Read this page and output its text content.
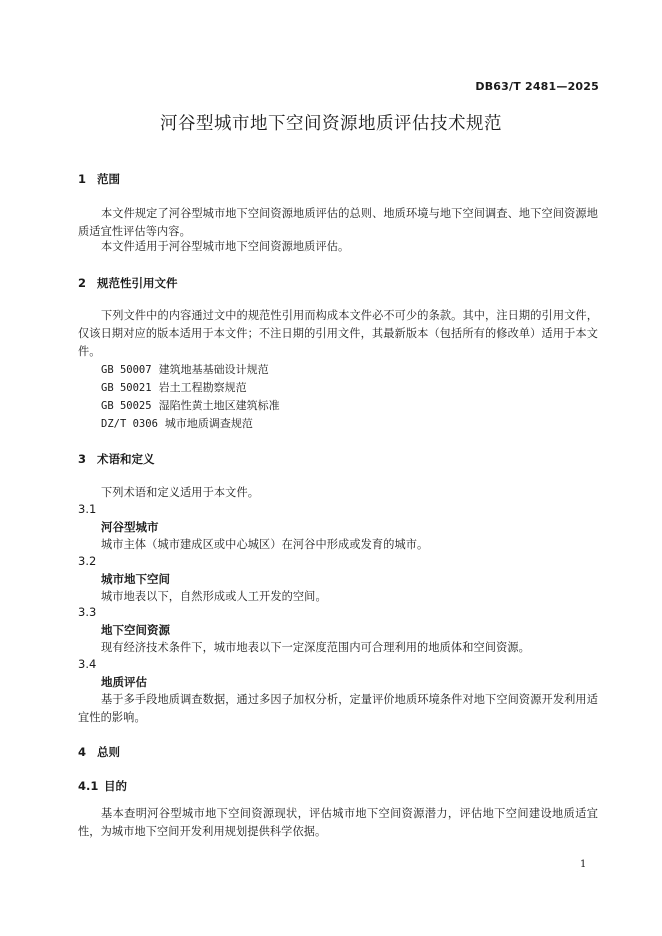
DB63/T 2481—2025
河谷型城市地下空间资源地质评估技术规范
1 范围
本文件规定了河谷型城市地下空间资源地质评估的总则、地质环境与地下空间调查、地下空间资源地质适宜性评估等内容。
本文件适用于河谷型城市地下空间资源地质评估。
2 规范性引用文件
下列文件中的内容通过文中的规范性引用而构成本文件必不可少的条款。其中，注日期的引用文件，仅该日期对应的版本适用于本文件；不注日期的引用文件，其最新版本（包括所有的修改单）适用于本文件。
GB 50007 建筑地基基础设计规范
GB 50021 岩土工程勘察规范
GB 50025 湿陷性黄土地区建筑标准
DZ/T 0306 城市地质调查规范
3 术语和定义
下列术语和定义适用于本文件。
3.1
河谷型城市
城市主体（城市建成区或中心城区）在河谷中形成或发育的城市。
3.2
城市地下空间
城市地表以下，自然形成或人工开发的空间。
3.3
地下空间资源
现有经济技术条件下，城市地表以下一定深度范围内可合理利用的地质体和空间资源。
3.4
地质评估
基于多手段地质调查数据，通过多因子加权分析，定量评价地质环境条件对地下空间资源开发利用适宜性的影响。
4 总则
4.1 目的
基本查明河谷型城市地下空间资源现状，评估城市地下空间资源潜力，评估地下空间建设地质适宜性，为城市地下空间开发利用规划提供科学依据。
1
